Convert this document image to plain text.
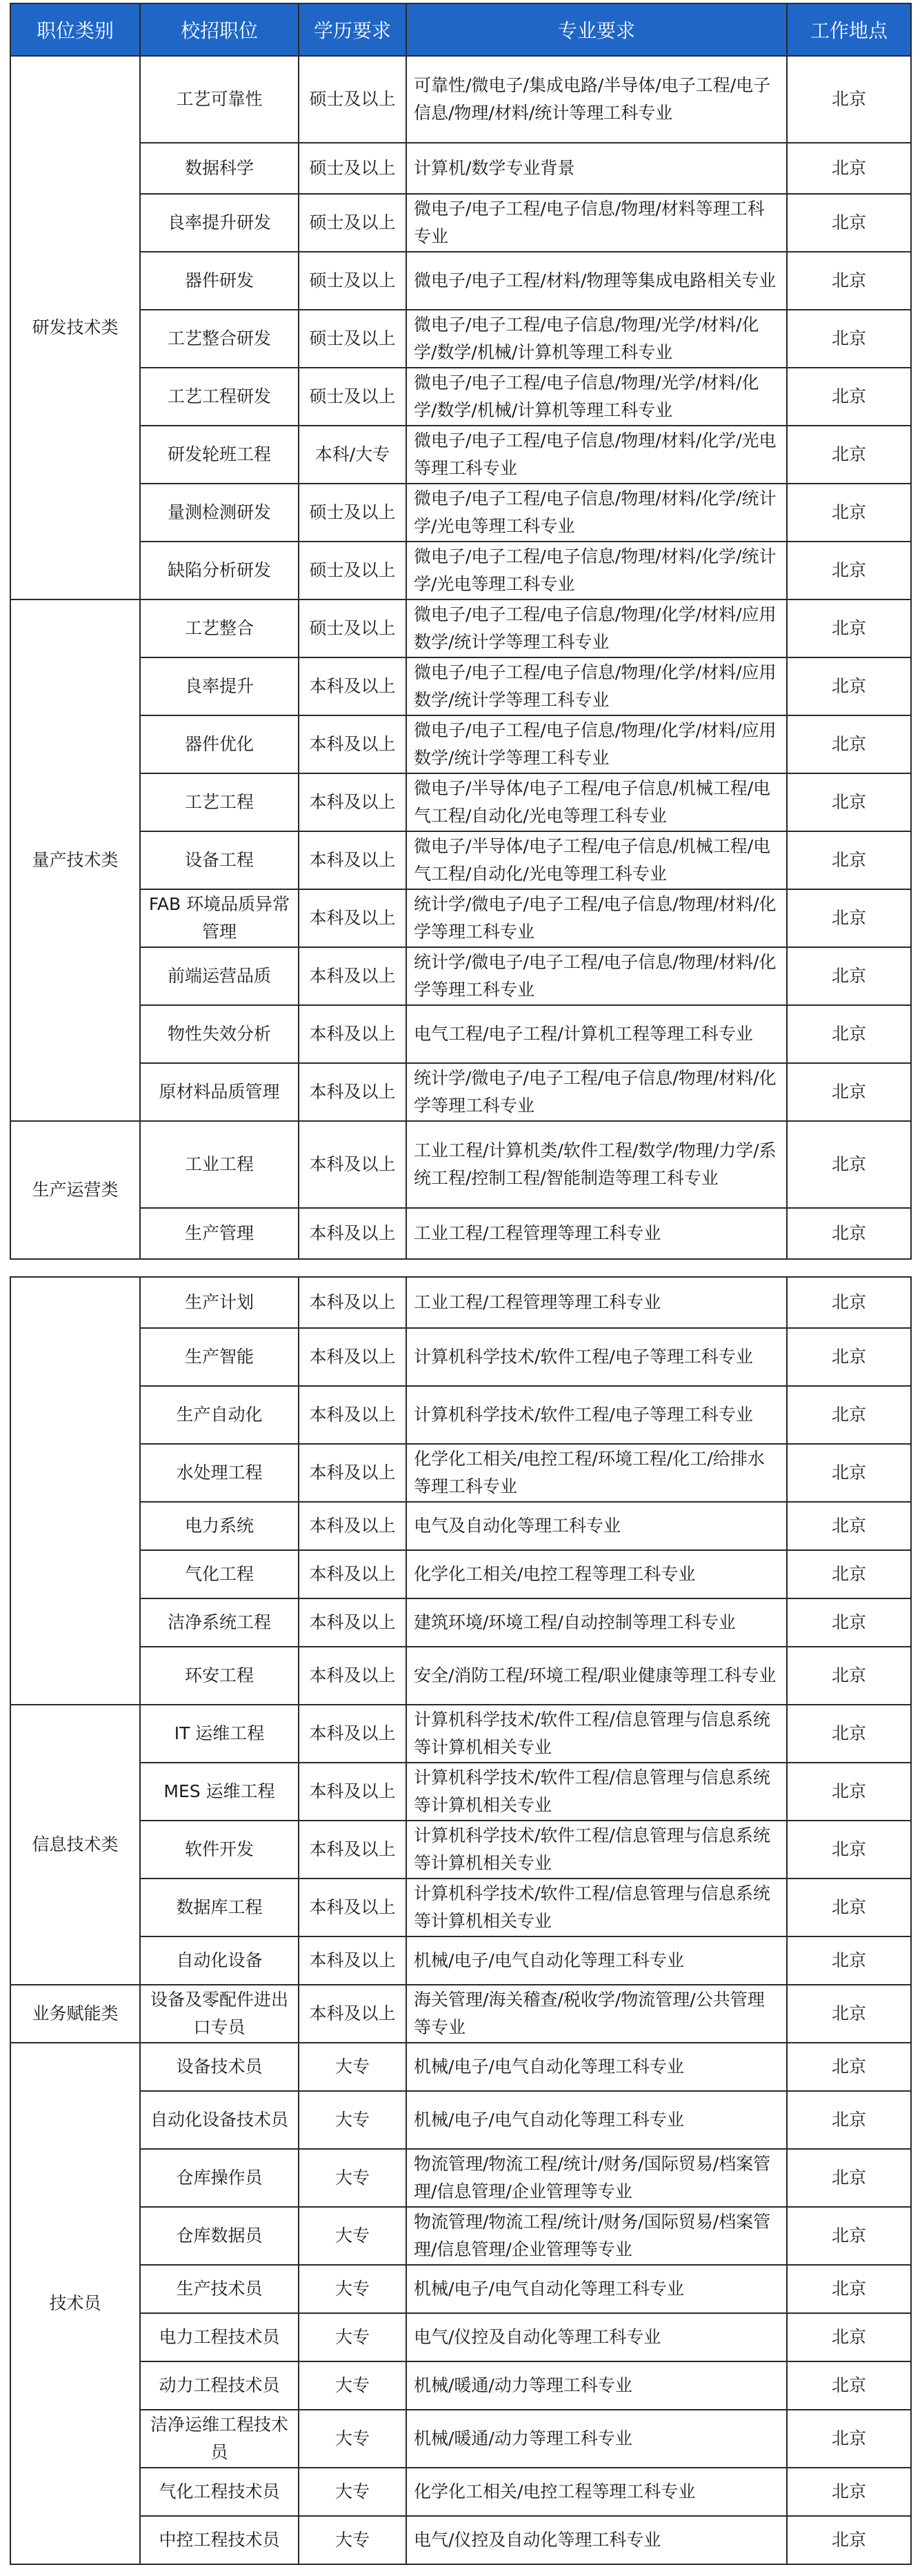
职位类别	校招职位	学历要求	专业要求	工作地点
研发技术类	工艺可靠性	硕士及以上	可靠性/微电子/集成电路/半导体/电子工程/电子信息/物理/材料/统计等理工科专业	北京
	数据科学	硕士及以上	计算机/数学专业背景	北京
	良率提升研发	硕士及以上	微电子/电子工程/电子信息/物理/材料等理工科专业	北京
	器件研发	硕士及以上	微电子/电子工程/材料/物理等集成电路相关专业	北京
	工艺整合研发	硕士及以上	微电子/电子工程/电子信息/物理/光学/材料/化学/数学/机械/计算机等理工科专业	北京
	工艺工程研发	硕士及以上	微电子/电子工程/电子信息/物理/光学/材料/化学/数学/机械/计算机等理工科专业	北京
	研发轮班工程	本科/大专	微电子/电子工程/电子信息/物理/材料/化学/光电等理工科专业	北京
	量测检测研发	硕士及以上	微电子/电子工程/电子信息/物理/材料/化学/统计学/光电等理工科专业	北京
	缺陷分析研发	硕士及以上	微电子/电子工程/电子信息/物理/材料/化学/统计学/光电等理工科专业	北京
量产技术类	工艺整合	硕士及以上	微电子/电子工程/电子信息/物理/化学/材料/应用数学/统计学等理工科专业	北京
	良率提升	本科及以上	微电子/电子工程/电子信息/物理/化学/材料/应用数学/统计学等理工科专业	北京
	器件优化	本科及以上	微电子/电子工程/电子信息/物理/化学/材料/应用数学/统计学等理工科专业	北京
	工艺工程	本科及以上	微电子/半导体/电子工程/电子信息/机械工程/电气工程/自动化/光电等理工科专业	北京
	设备工程	本科及以上	微电子/半导体/电子工程/电子信息/机械工程/电气工程/自动化/光电等理工科专业	北京
	FAB 环境品质异常管理	本科及以上	统计学/微电子/电子工程/电子信息/物理/材料/化学等理工科专业	北京
	前端运营品质	本科及以上	统计学/微电子/电子工程/电子信息/物理/材料/化学等理工科专业	北京
	物性失效分析	本科及以上	电气工程/电子工程/计算机工程等理工科专业	北京
	原材料品质管理	本科及以上	统计学/微电子/电子工程/电子信息/物理/材料/化学等理工科专业	北京
生产运营类	工业工程	本科及以上	工业工程/计算机类/软件工程/数学/物理/力学/系统工程/控制工程/智能制造等理工科专业	北京
	生产管理	本科及以上	工业工程/工程管理等理工科专业	北京
	生产计划	本科及以上	工业工程/工程管理等理工科专业	北京
	生产智能	本科及以上	计算机科学技术/软件工程/电子等理工科专业	北京
	生产自动化	本科及以上	计算机科学技术/软件工程/电子等理工科专业	北京
	水处理工程	本科及以上	化学化工相关/电控工程/环境工程/化工/给排水等理工科专业	北京
	电力系统	本科及以上	电气及自动化等理工科专业	北京
	气化工程	本科及以上	化学化工相关/电控工程等理工科专业	北京
	洁净系统工程	本科及以上	建筑环境/环境工程/自动控制等理工科专业	北京
	环安工程	本科及以上	安全/消防工程/环境工程/职业健康等理工科专业	北京
信息技术类	IT 运维工程	本科及以上	计算机科学技术/软件工程/信息管理与信息系统等计算机相关专业	北京
	MES 运维工程	本科及以上	计算机科学技术/软件工程/信息管理与信息系统等计算机相关专业	北京
	软件开发	本科及以上	计算机科学技术/软件工程/信息管理与信息系统等计算机相关专业	北京
	数据库工程	本科及以上	计算机科学技术/软件工程/信息管理与信息系统等计算机相关专业	北京
	自动化设备	本科及以上	机械/电子/电气自动化等理工科专业	北京
业务赋能类	设备及零配件进出口专员	本科及以上	海关管理/海关稽查/税收学/物流管理/公共管理等专业	北京
技术员	设备技术员	大专	机械/电子/电气自动化等理工科专业	北京
	自动化设备技术员	大专	机械/电子/电气自动化等理工科专业	北京
	仓库操作员	大专	物流管理/物流工程/统计/财务/国际贸易/档案管理/信息管理/企业管理等专业	北京
	仓库数据员	大专	物流管理/物流工程/统计/财务/国际贸易/档案管理/信息管理/企业管理等专业	北京
	生产技术员	大专	机械/电子/电气自动化等理工科专业	北京
	电力工程技术员	大专	电气/仪控及自动化等理工科专业	北京
	动力工程技术员	大专	机械/暖通/动力等理工科专业	北京
	洁净运维工程技术员	大专	机械/暖通/动力等理工科专业	北京
	气化工程技术员	大专	化学化工相关/电控工程等理工科专业	北京
	中控工程技术员	大专	电气/仪控及自动化等理工科专业	北京
